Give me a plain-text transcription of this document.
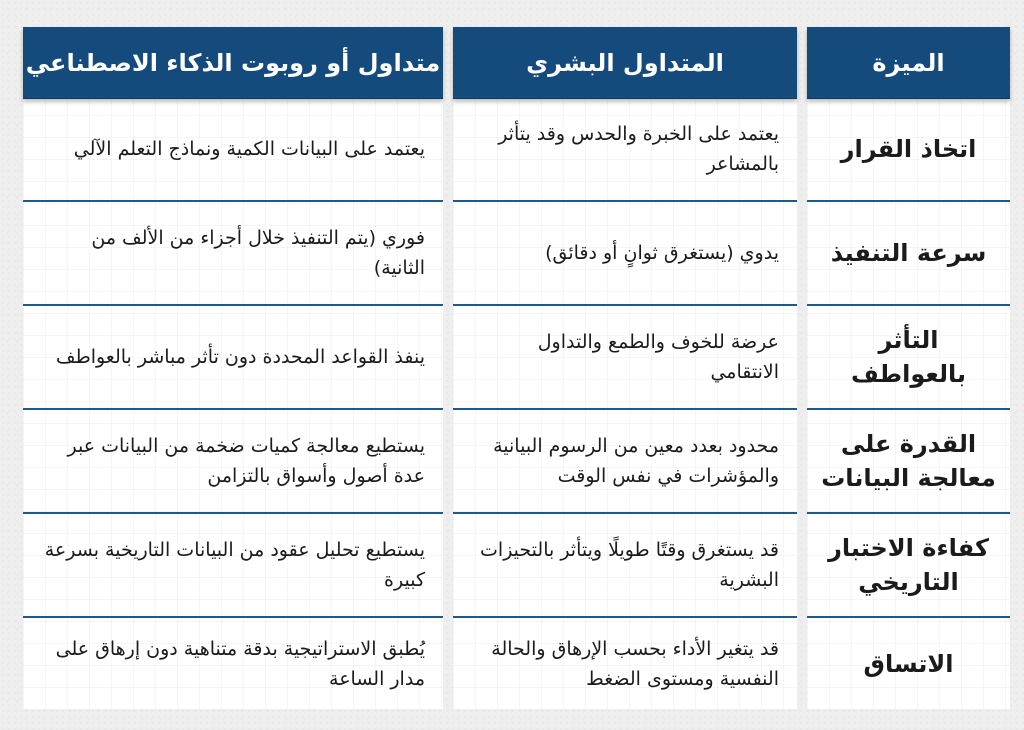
الميزة
اتخاذ القرار
سرعة التنفيذ
التأثر بالعواطف
القدرة على معالجة البيانات
كفاءة الاختبار التاريخي
الاتساق
المتداول البشري
يعتمد على الخبرة والحدس وقد يتأثر بالمشاعر
يدوي (يستغرق ثوانٍ أو دقائق)
عرضة للخوف والطمع والتداول الانتقامي
محدود بعدد معين من الرسوم البيانية والمؤشرات في نفس الوقت
قد يستغرق وقتًا طويلًا ويتأثر بالتحيزات البشرية
قد يتغير الأداء بحسب الإرهاق والحالة النفسية ومستوى الضغط
متداول أو روبوت الذكاء الاصطناعي
يعتمد على البيانات الكمية ونماذج التعلم الآلي
فوري (يتم التنفيذ خلال أجزاء من الألف من الثانية)
ينفذ القواعد المحددة دون تأثر مباشر بالعواطف
يستطيع معالجة كميات ضخمة من البيانات عبر عدة أصول وأسواق بالتزامن
يستطيع تحليل عقود من البيانات التاريخية بسرعة كبيرة
يُطبق الاستراتيجية بدقة متناهية دون إرهاق على مدار الساعة
